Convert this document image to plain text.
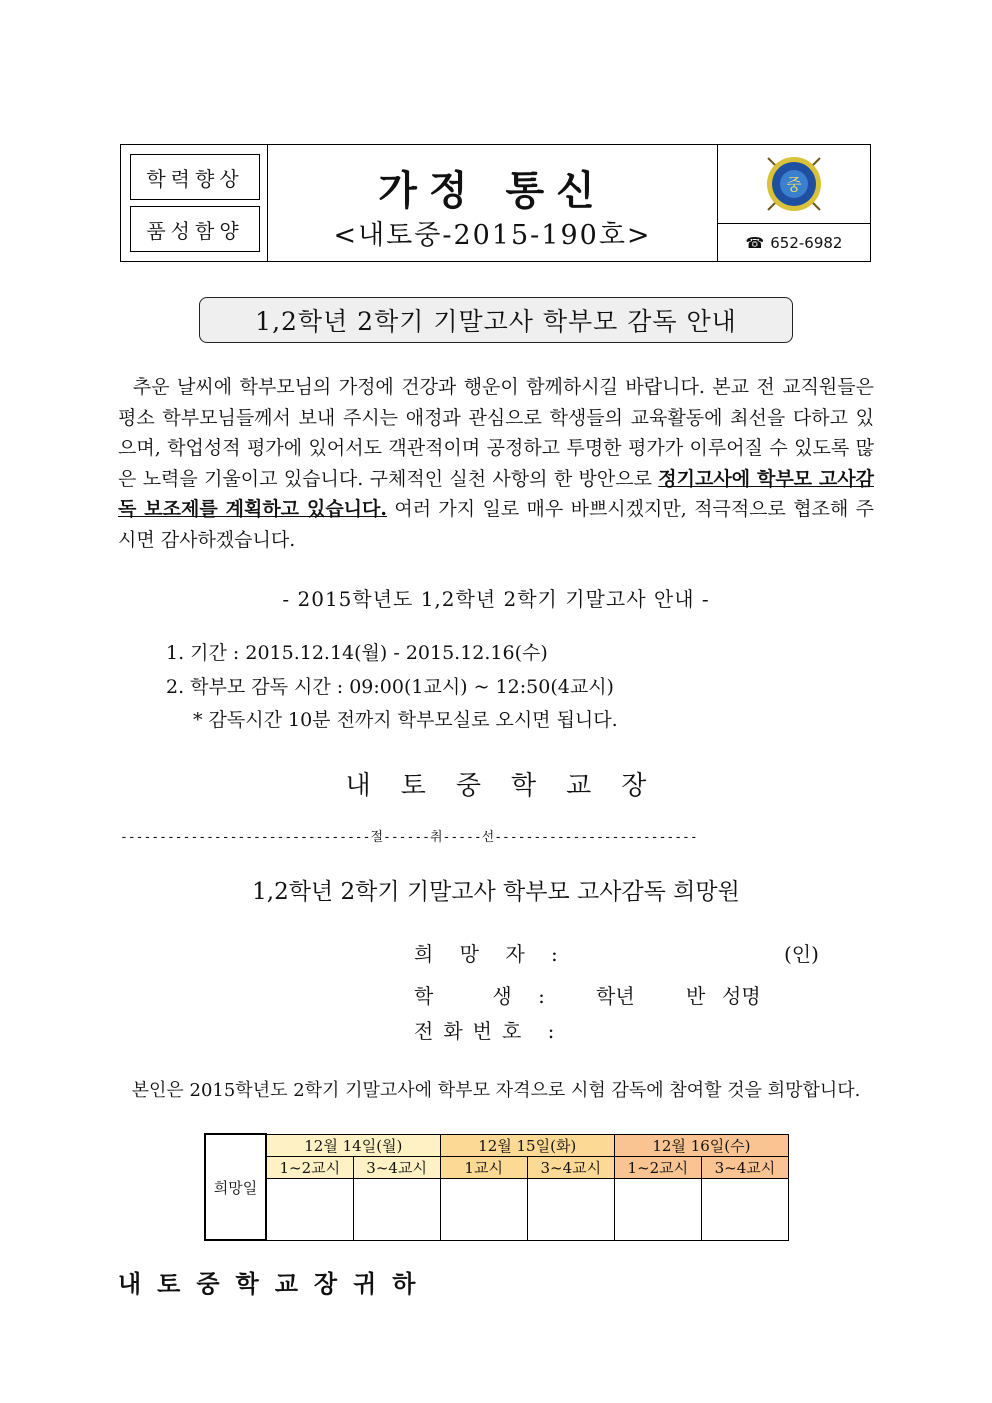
학력향상
품성함양
가정 통신
<내토중-2015-190호>
중
☎ 652-6982
1,2학년 2학기 기말고사 학부모 감독 안내
추운 날씨에 학부모님의 가정에 건강과 행운이 함께하시길 바랍니다. 본교 전 교직원들은 평소 학부모님들께서 보내 주시는 애정과 관심으로 학생들의 교육활동에 최선을 다하고 있으며, 학업성적 평가에 있어서도 객관적이며 공정하고 투명한 평가가 이루어질 수 있도록 많은 노력을 기울이고 있습니다. 구체적인 실천 사항의 한 방안으로 정기고사에 학부모 고사감독 보조제를 계획하고 있습니다. 여러 가지 일로 매우 바쁘시겠지만, 적극적으로 협조해 주시면 감사하겠습니다.
- 2015학년도 1,2학년 2학기 기말고사 안내 -
1. 기간 : 2015.12.14(월) - 2015.12.16(수)
2. 학부모 감독 시간 : 09:00(1교시) ~ 12:50(4교시)
* 감독시간 10분 전까지 학부모실로 오시면 됩니다.
내토중학교장
--------------------------------절------취-----선--------------------------
1,2학년 2학기 기말고사 학부모 고사감독 희망원
희 망 자 :	(인)
학   생 : 학년	반 성명
전화번호 :
본인은 2015학년도 2학기 기말고사에 학부모 자격으로 시험 감독에 참여할 것을 희망합니다.
희망일	12월 14일(월)		12월 15일(화)		12월 16일(수)	
	1~2교시	3~4교시	1교시	3~4교시	1~2교시	3~4교시

내토중학교장귀하
